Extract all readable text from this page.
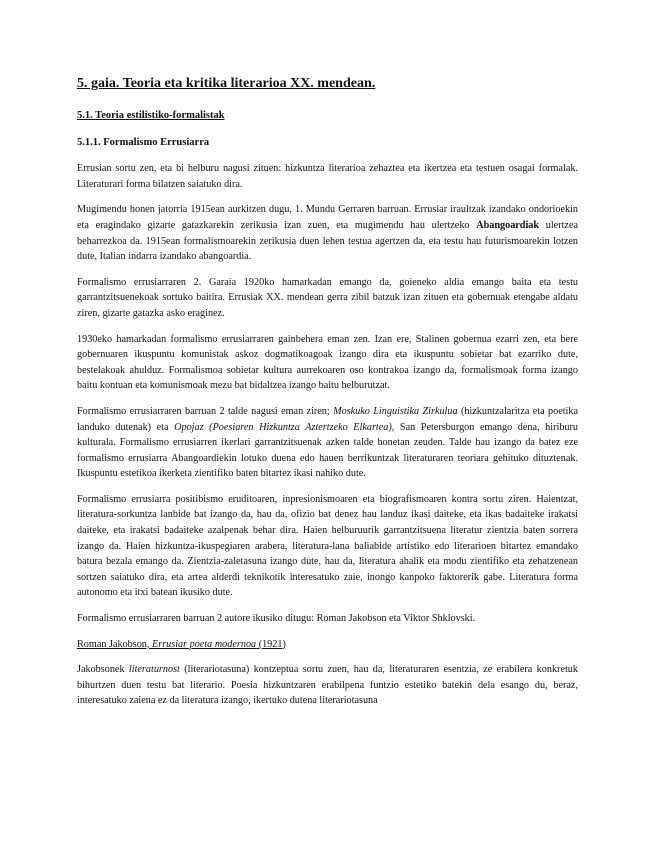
5. gaia. Teoria eta kritika literarioa XX. mendean.
5.1. Teoria estilistiko-formalistak
5.1.1. Formalismo Errusiarra

Errusian sortu zen, eta bi helburu nagusi zituen: hizkuntza literarioa zehaztea eta ikertzea eta testuen osagai formalak. Literaturari forma bilatzen saiatuko dira.

Mugimendu honen jatorria 1915ean aurkitzen dugu, 1. Mundu Gerraren barruan. Errusiar iraultzak izandako ondorioekin eta eragindako gizarte gatazkarekin zerikusia izan zuen, eta mugimendu hau ulertzeko Abangoardiak ulertzea beharrezkoa da. 1915ean formalismoarekin zerikusia duen lehen testua agertzen da, eta testu hau futurismoarekin lotzen dute, Italian indarra izandako abangoardia.

Formalismo errusiarraren 2. Garaia 1920ko hamarkadan emango da, goieneko aldia emango baita eta testu garrantzitsuenekoak sortuko baitira. Errusiak XX. mendean gerra zibil batzuk izan zituen eta gobernuak etengabe aldatu ziren, gizarte gatazka asko eraginez.

1930eko hamarkadan formalismo errusiarraren gainbehera eman zen. Izan ere, Stalinen gobernua ezarri zen, eta bere gobernuaren ikuspuntu komunistak askoz dogmatikoagoak izango dira eta ikuspuntu sobietar bat ezarriko dute, bestelakoak ahulduz. Formalismoa sobietar kultura aurrekoaren oso kontrakoa izango da, formalismoak forma izango baitu kontuan eta komunismoak mezu bat bidaltzea izango baitu helburutzat.

Formalismo errusiarraren barruan 2 talde nagusi eman ziren; Moskuko Linguistika Zirkulua (hizkuntzalaritza eta poetika landuko dutenak) eta Opojaz (Poesiaren Hizkuntza Aztertzeko Elkartea), San Petersburgon emango dena, hiriburu kulturala. Formalismo errusiarren ikerlari garrantzitsuenak azken talde honetan zeuden. Talde hau izango da batez eze formalismo errusiarra Abangoardiekin lotuko duena edo hauen berrikuntzak literaturaren teoriara gehituko dituztenak. Ikuspuntu estetikoa ikerketa zientifiko baten bitartez ikasi nahiko dute.

Formalismo errusiarra positibismo eruditoaren, inpresionismoaren eta biografismoaren kontra sortu ziren. Haientzat, literatura-sorkuntza lanbide bat izango da, hau da, ofizio bat denez hau landuz ikasi daiteke, eta ikas badaiteke irakatsi daiteke, eta irakatsi badaiteke azalpenak behar dira. Haien helburuurik garrantzitsuena literatur zientzia baten sorrera izango da. Haien hizkuntza-ikuspegiaren arabera, literatura-lana baliabide artistiko edo literarioen bitartez emandako batura bezala emango da. Zientzia-zaletasuna izango dute, hau da, literatura ahalik eta modu zientifiko eta zehatzenean sortzen saiatuko dira, eta artea alderdi teknikotik interesatuko zaie, inongo kanpoko faktorerik gabe. Literatura forma autonomo eta itxi batean ikusiko dute.

Formalismo errusiarraren barruan 2 autore ikusiko ditugu: Roman Jakobson eta Viktor Shklovski.

Roman Jakobson, Errusiar poeta modernoa (1921)

Jakobsonek literaturnost (literariotasuna) kontzeptua sortu zuen, hau da, literaturaren esentzia, ze erabilera konkretuk bihurtzen duen testu bat literario. Poesia hizkuntzaren erabilpena funtzio estetiko batekin dela esango du, beraz, interesatuko zaiena ez da literatura izango, ikertuko dutena literariotasuna
